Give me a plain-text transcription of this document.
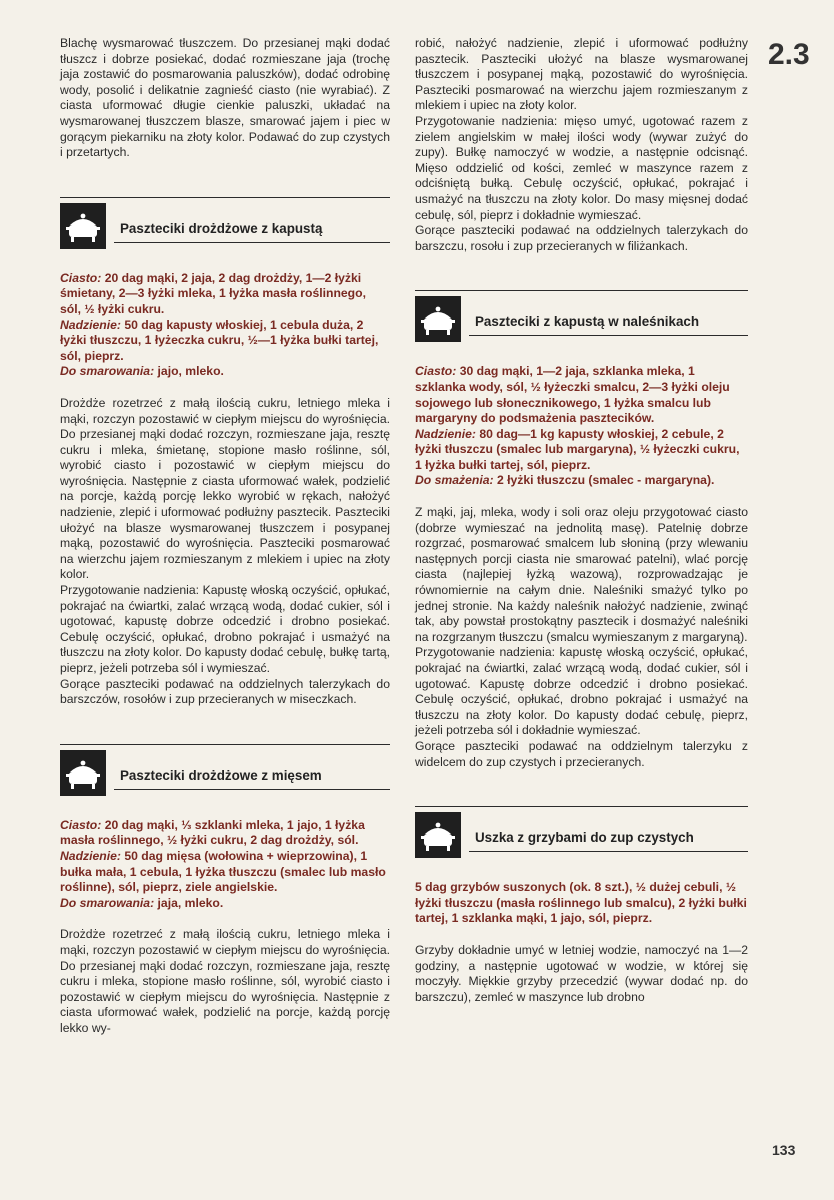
2.3

Blachę wysmarować tłuszczem. Do przesianej mąki dodać tłuszcz i dobrze posiekać, dodać rozmieszane jaja (trochę jaja zostawić do posmarowania paluszków), dodać odrobinę wody, posolić i delikatnie zagnieść ciasto (nie wyrabiać). Z ciasta uformować długie cienkie paluszki, układać na wysmarowanej tłuszczem blasze, smarować jajem i piec w gorącym piekarniku na złoty kolor. Podawać do zup czystych i przetartych.

Paszteciki drożdżowe z kapustą

Ciasto: 20 dag mąki, 2 jaja, 2 dag drożdży, 1—2 łyżki śmietany, 2—3 łyżki mleka, 1 łyżka masła roślinnego, sól, ½ łyżki cukru.

Nadzienie: 50 dag kapusty włoskiej, 1 cebula duża, 2 łyżki tłuszczu, 1 łyżeczka cukru, ½—1 łyżka bułki tartej, sól, pieprz.

Do smarowania: jajo, mleko.

Drożdże rozetrzeć z małą ilością cukru, letniego mleka i mąki, rozczyn pozostawić w ciepłym miejscu do wyrośnięcia. Do przesianej mąki dodać rozczyn, rozmieszane jaja, resztę cukru i mleka, śmietanę, stopione masło roślinne, sól, wyrobić ciasto i pozostawić w ciepłym miejscu do wyrośnięcia. Następnie z ciasta uformować wałek, podzielić na porcje, każdą porcję lekko wyrobić w rękach, nałożyć nadzienie, zlepić i uformować podłużny pasztecik. Paszteciki ułożyć na blasze wysmarowanej tłuszczem i posypanej mąką, pozostawić do wyrośnięcia. Paszteciki posmarować na wierzchu jajem rozmieszanym z mlekiem i upiec na złoty kolor.

Przygotowanie nadzienia: Kapustę włoską oczyścić, opłukać, pokrajać na ćwiartki, zalać wrzącą wodą, dodać cukier, sól i ugotować, kapustę dobrze odcedzić i drobno posiekać. Cebulę oczyścić, opłukać, drobno pokrajać i usmażyć na tłuszczu na złoty kolor. Do kapusty dodać cebulę, bułkę tartą, pieprz, jeżeli potrzeba sól i wymieszać.

Gorące paszteciki podawać na oddzielnych talerzykach do barszczów, rosołów i zup przecieranych w miseczkach.

Paszteciki drożdżowe z mięsem

Ciasto: 20 dag mąki, ⅓ szklanki mleka, 1 jajo, 1 łyżka masła roślinnego, ½ łyżki cukru, 2 dag drożdży, sól.

Nadzienie: 50 dag mięsa (wołowina + wieprzowina), 1 bułka mała, 1 cebula, 1 łyżka tłuszczu (smalec lub masło roślinne), sól, pieprz, ziele angielskie.

Do smarowania: jaja, mleko.

Drożdże rozetrzeć z małą ilością cukru, letniego mleka i mąki, rozczyn pozostawić w ciepłym miejscu do wyrośnięcia. Do przesianej mąki dodać rozczyn, rozmieszane jaja, resztę cukru i mleka, stopione masło roślinne, sól, wyrobić ciasto i pozostawić w ciepłym miejscu do wyrośnięcia. Następnie z ciasta uformować wałek, podzielić na porcje, każdą porcję lekko wy-

robić, nałożyć nadzienie, zlepić i uformować podłużny pasztecik. Paszteciki ułożyć na blasze wysmarowanej tłuszczem i posypanej mąką, pozostawić do wyrośnięcia. Paszteciki posmarować na wierzchu jajem rozmieszanym z mlekiem i upiec na złoty kolor.

Przygotowanie nadzienia: mięso umyć, ugotować razem z zielem angielskim w małej ilości wody (wywar zużyć do zupy). Bułkę namoczyć w wodzie, a następnie odcisnąć. Mięso oddzielić od kości, zemleć w maszynce razem z odciśniętą bułką. Cebulę oczyścić, opłukać, pokrajać i usmażyć na tłuszczu na złoty kolor. Do masy mięsnej dodać cebulę, sól, pieprz i dokładnie wymieszać.

Gorące paszteciki podawać na oddzielnych talerzykach do barszczu, rosołu i zup przecieranych w filiżankach.

Paszteciki z kapustą w naleśnikach

Ciasto: 30 dag mąki, 1—2 jaja, szklanka mleka, 1 szklanka wody, sól, ½ łyżeczki smalcu, 2—3 łyżki oleju sojowego lub słonecznikowego, 1 łyżka smalcu lub margaryny do podsmażenia pasztecików.

Nadzienie: 80 dag—1 kg kapusty włoskiej, 2 cebule, 2 łyżki tłuszczu (smalec lub margaryna), ½ łyżeczki cukru, 1 łyżka bułki tartej, sól, pieprz.

Do smażenia: 2 łyżki tłuszczu (smalec - margaryna).

Z mąki, jaj, mleka, wody i soli oraz oleju przygotować ciasto (dobrze wymieszać na jednolitą masę). Patelnię dobrze rozgrzać, posmarować smalcem lub słoniną (przy wlewaniu następnych porcji ciasta nie smarować patelni), wlać porcję ciasta (najlepiej łyżką wazową), rozprowadzając je równomiernie na całym dnie. Naleśniki smażyć tylko po jednej stronie. Na każdy naleśnik nałożyć nadzienie, zwinąć tak, aby powstał prostokątny pasztecik i dosmażyć naleśniki na rozgrzanym tłuszczu (smalcu wymieszanym z margaryną).

Przygotowanie nadzienia: kapustę włoską oczyścić, opłukać, pokrajać na ćwiartki, zalać wrzącą wodą, dodać cukier, sól i ugotować. Kapustę dobrze odcedzić i drobno posiekać. Cebulę oczyścić, opłukać, drobno pokrajać i usmażyć na tłuszczu na złoty kolor. Do kapusty dodać cebulę, pieprz, jeżeli potrzeba sól i dokładnie wymieszać.

Gorące paszteciki podawać na oddzielnym talerzyku z widelcem do zup czystych i przecieranych.

Uszka z grzybami do zup czystych

5 dag grzybów suszonych (ok. 8 szt.), ½ dużej cebuli, ½ łyżki tłuszczu (masła roślinnego lub smalcu), 2 łyżki bułki tartej, 1 szklanka mąki, 1 jajo, sól, pieprz.

Grzyby dokładnie umyć w letniej wodzie, namoczyć na 1—2 godziny, a następnie ugotować w wodzie, w której się moczyły. Miękkie grzyby przecedzić (wywar dodać np. do barszczu), zemleć w maszynce lub drobno

133
